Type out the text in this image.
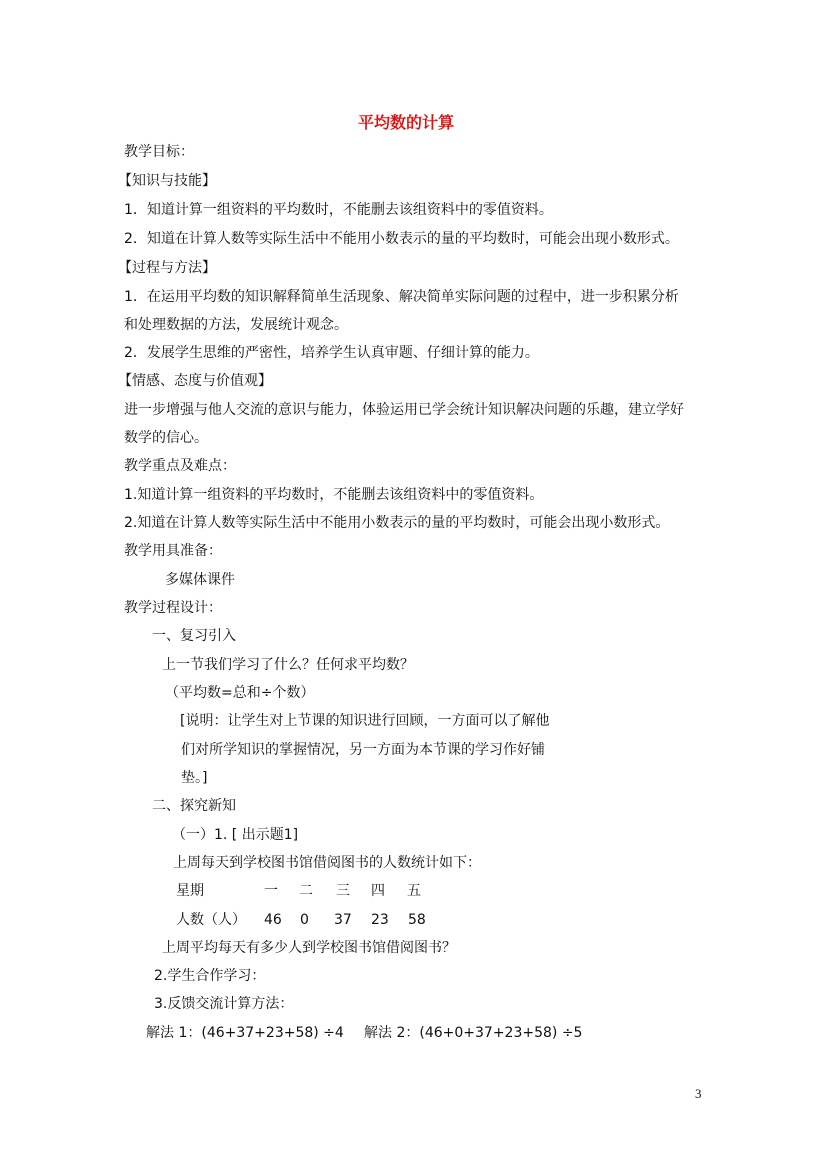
平均数的计算
教学目标：
【知识与技能】
1．知道计算一组资料的平均数时，不能删去该组资料中的零值资料。
2．知道在计算人数等实际生活中不能用小数表示的量的平均数时，可能会出现小数形式。
【过程与方法】
1．在运用平均数的知识解释简单生活现象、解决简单实际问题的过程中，进一步积累分析
和处理数据的方法，发展统计观念。
2．发展学生思维的严密性，培养学生认真审题、仔细计算的能力。
【情感、态度与价值观】
进一步增强与他人交流的意识与能力，体验运用已学会统计知识解决问题的乐趣，建立学好
数学的信心。
教学重点及难点：
1.知道计算一组资料的平均数时，不能删去该组资料中的零值资料。
2.知道在计算人数等实际生活中不能用小数表示的量的平均数时，可能会出现小数形式。
教学用具准备：
多媒体课件
教学过程设计：
一、复习引入
上一节我们学习了什么？任何求平均数？
（平均数=总和÷个数）
[说明：让学生对上节课的知识进行回顾，一方面可以了解他
们对所学知识的掌握情况，另一方面为本节课的学习作好铺
垫。]
二、探究新知
（一）1. [ 出示题1]
上周每天到学校图书馆借阅图书的人数统计如下：
星期	一 二 三 四 五
人数（人） 46 0 37 23 58
上周平均每天有多少人到学校图书馆借阅图书？
2.学生合作学习：
3.反馈交流计算方法：
解法 1：(46+37+23+58) ÷4 解法 2：(46+0+37+23+58) ÷5
3
